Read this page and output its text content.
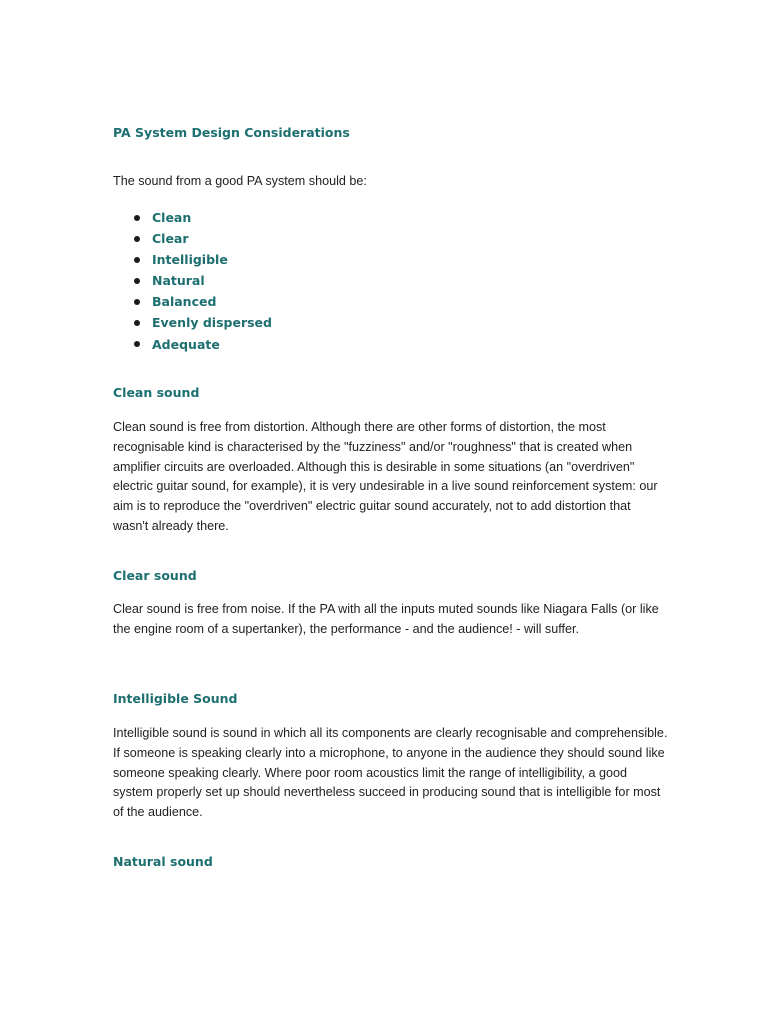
PA System Design Considerations

The sound from a good PA system should be:

Clean
Clear
Intelligible
Natural
Balanced
Evenly dispersed
Adequate
Clean sound

Clean sound is free from distortion. Although there are other forms of distortion, the most recognisable kind is characterised by the "fuzziness" and/or "roughness" that is created when amplifier circuits are overloaded. Although this is desirable in some situations (an "overdriven" electric guitar sound, for example), it is very undesirable in a live sound reinforcement system: our aim is to reproduce the "overdriven" electric guitar sound accurately, not to add distortion that wasn't already there.

Clear sound

Clear sound is free from noise. If the PA with all the inputs muted sounds like Niagara Falls (or like the engine room of a supertanker), the performance - and the audience! - will suffer.

Intelligible Sound

Intelligible sound is sound in which all its components are clearly recognisable and comprehensible. If someone is speaking clearly into a microphone, to anyone in the audience they should sound like someone speaking clearly. Where poor room acoustics limit the range of intelligibility, a good system properly set up should nevertheless succeed in producing sound that is intelligible for most of the audience.

Natural sound
